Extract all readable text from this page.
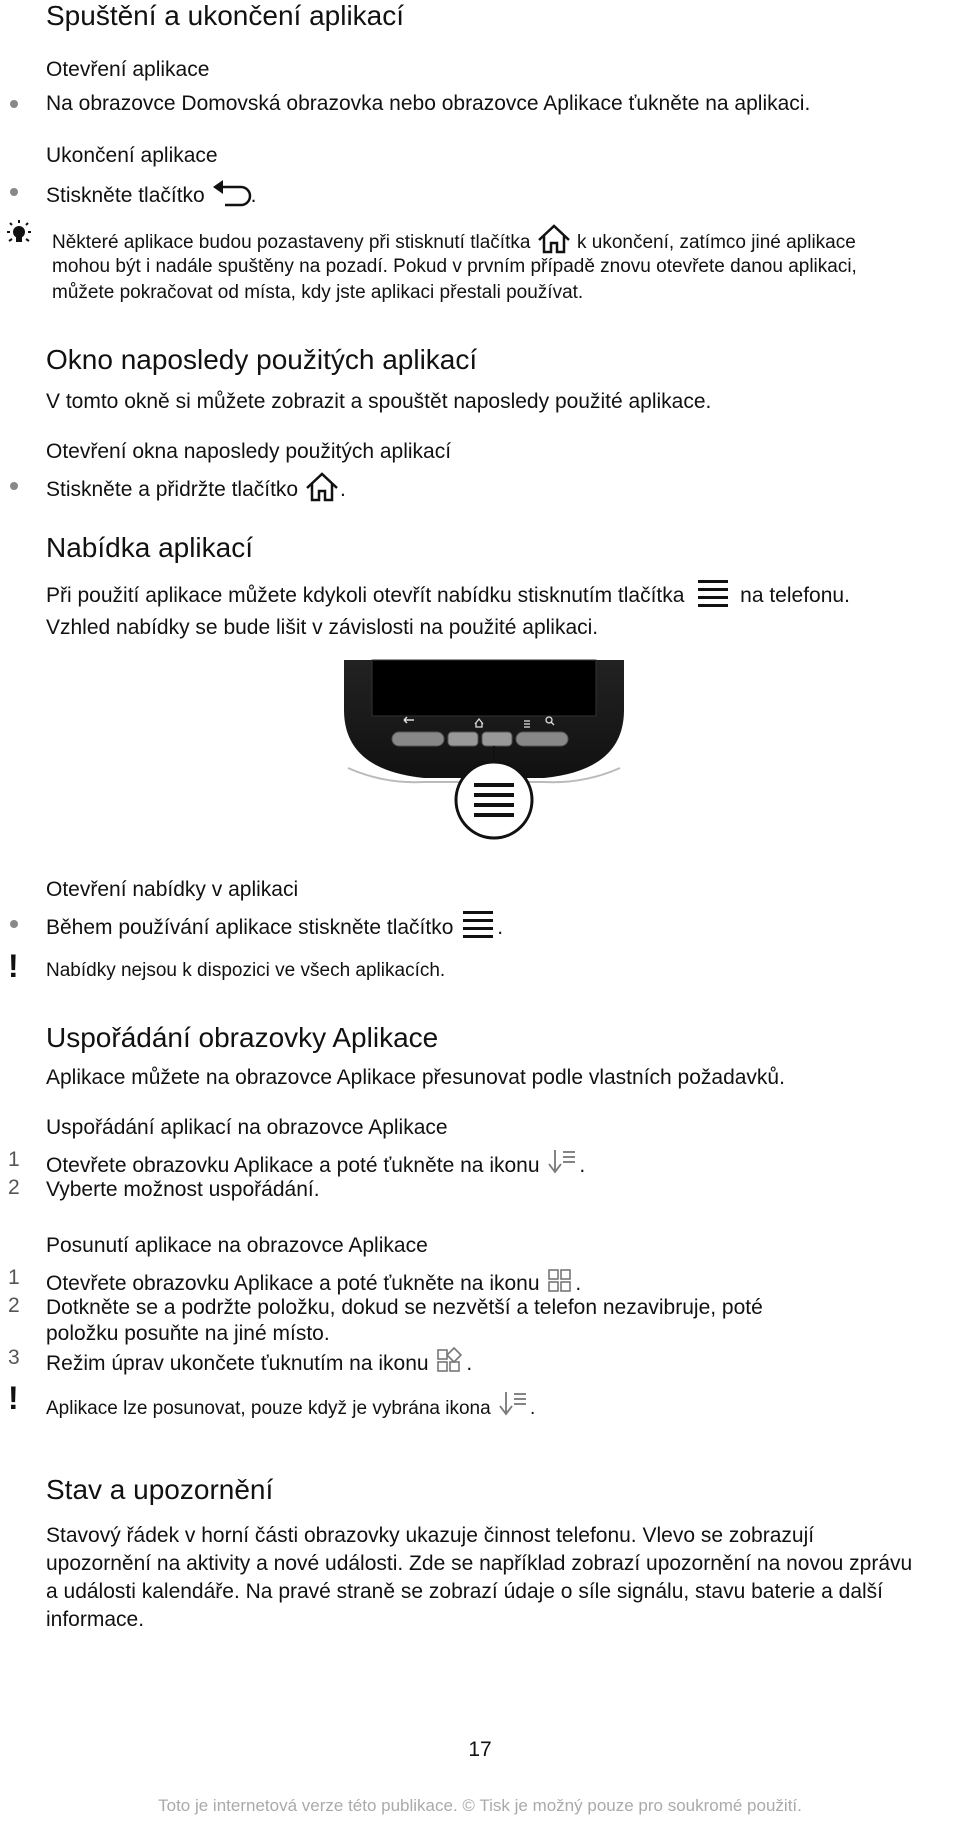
Spuštění a ukončení aplikací
Otevření aplikace
Na obrazovce Domovská obrazovka nebo obrazovce Aplikace ťukněte na aplikaci.
Ukončení aplikace
Stiskněte tlačítko .
Některé aplikace budou pozastaveny při stisknutí tlačítka k ukončení, zatímco jiné aplikace
mohou být i nadále spuštěny na pozadí. Pokud v prvním případě znovu otevřete danou aplikaci,
můžete pokračovat od místa, kdy jste aplikaci přestali používat.
Okno naposledy použitých aplikací
V tomto okně si můžete zobrazit a spouštět naposledy použité aplikace.
Otevření okna naposledy použitých aplikací
Stiskněte a přidržte tlačítko .
Nabídka aplikací
Při použití aplikace můžete kdykoli otevřít nabídku stisknutím tlačítka	na telefonu.
Vzhled nabídky se bude lišit v závislosti na použité aplikaci.
Otevření nabídky v aplikaci
Během používání aplikace stiskněte tlačítko .
! Nabídky nejsou k dispozici ve všech aplikacích.
Uspořádání obrazovky Aplikace
Aplikace můžete na obrazovce Aplikace přesunovat podle vlastních požadavků.
Uspořádání aplikací na obrazovce Aplikace
1 Otevřete obrazovku Aplikace a poté ťukněte na ikonu .
2 Vyberte možnost uspořádání.
Posunutí aplikace na obrazovce Aplikace
1 Otevřete obrazovku Aplikace a poté ťukněte na ikonu .
2 Dotkněte se a podržte položku, dokud se nezvětší a telefon nezavibruje, poté
položku posuňte na jiné místo.
3 Režim úprav ukončete ťuknutím na ikonu .
! Aplikace lze posunovat, pouze když je vybrána ikona .
Stav a upozornění
Stavový řádek v horní části obrazovky ukazuje činnost telefonu. Vlevo se zobrazují
upozornění na aktivity a nové události. Zde se například zobrazí upozornění na novou zprávu
a události kalendáře. Na pravé straně se zobrazí údaje o síle signálu, stavu baterie a další
informace.
17
Toto je internetová verze této publikace. © Tisk je možný pouze pro soukromé použití.
